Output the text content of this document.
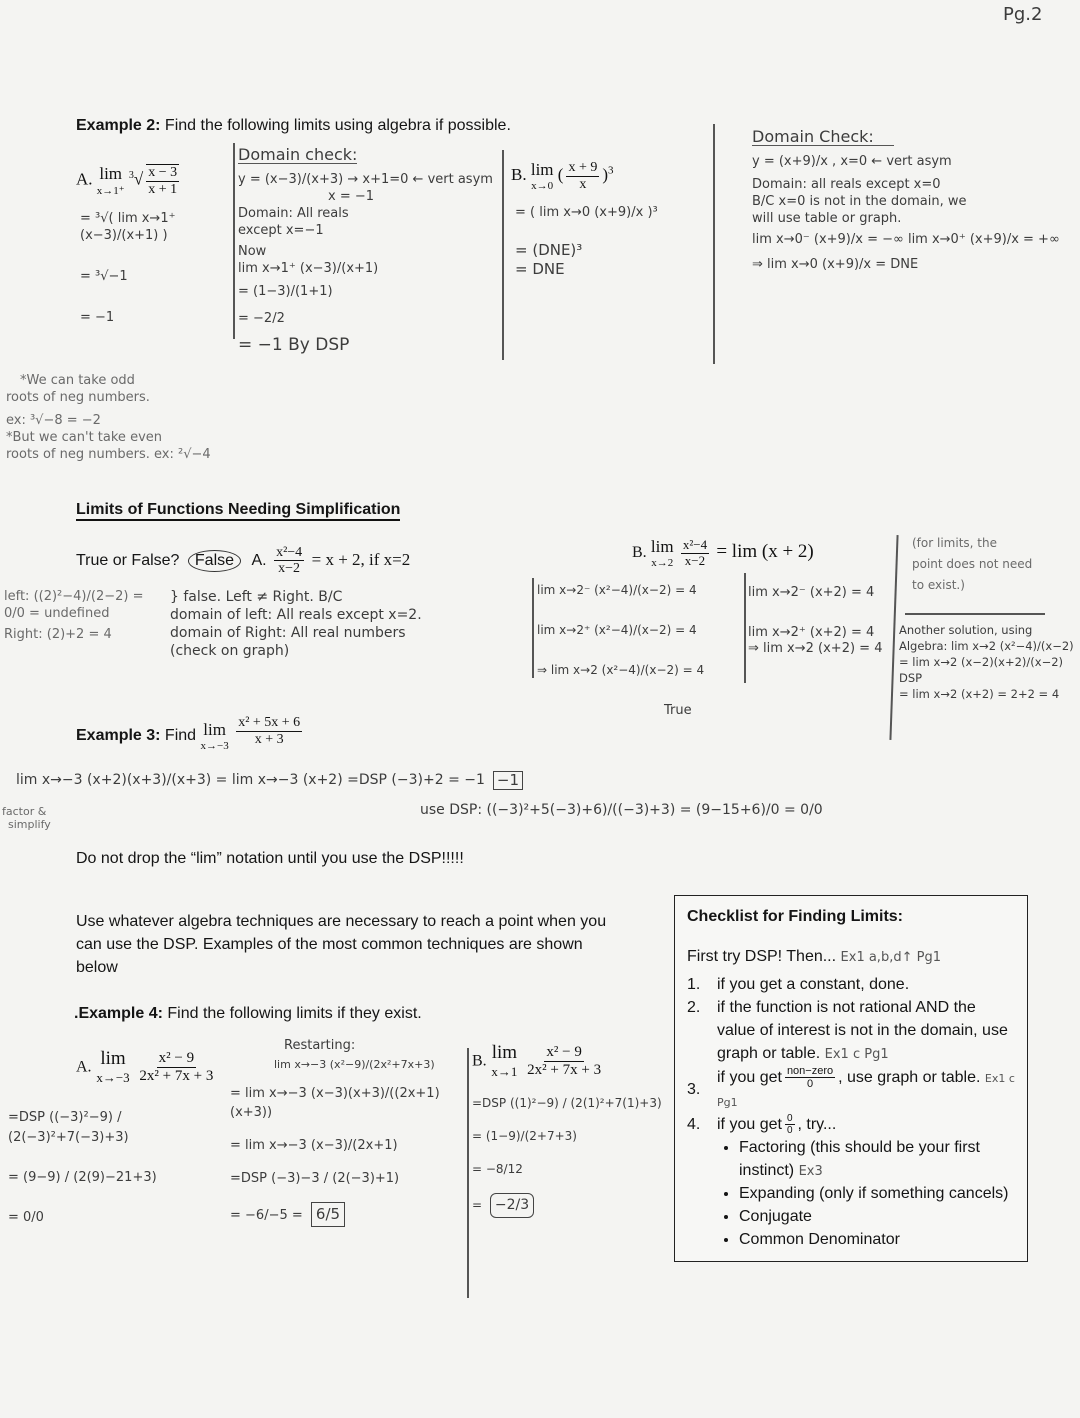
Pg.2
Example 2: Find the following limits using algebra if possible.
A. lim
x→1⁺
$^3√ \frac{x - 3}{x + 1}$
= ³√( lim x→1⁺ (x−3)/(x+1) )
= ³√−1
= −1
Domain check:
y = (x−3)/(x+3) → x+1=0 ← vert asym
x = −1
Domain: All reals
except x=−1
Now
lim x→1⁺ (x−3)/(x+1)
= (1−3)/(1+1)
= −2/2
= −1 By DSP
*We can take odd
roots of neg numbers.
ex: ³√−8 = −2
*But we can't take even
roots of neg numbers. ex: ²√−4
B. lim
x→0
( $\frac{x + 9}{x} )^3$
= ( lim x→0 (x+9)/x )³
= (DNE)³
= DNE
Domain Check:
y = (x+9)/x , x=0 ← vert asym
Domain: all reals except x=0
B/C x=0 is not in the domain, we
will use table or graph.
lim x→0⁻ (x+9)/x = −∞ lim x→0⁺ (x+9)/x = +∞
⇒ lim x→0 (x+9)/x = DNE
Limits of Functions Needing Simplification
True or False? False A. $\frac{\text{x²−4}}{x-2} = x + 2$, if x=2
left: ((2)²−4)/(2−2) = 0/0 = undefined
Right: (2)+2 = 4
} false. Left ≠ Right. B/C
domain of left: All reals except x=2.
domain of Right: All real numbers
(check on graph)
lim x→2⁻ (x²−4)/(x−2) = 4
lim x→2⁺ (x²−4)/(x−2) = 4
⇒ lim x→2 (x²−4)/(x−2) = 4
True
B. lim
x→2
$\frac{\text{x²−4}}{x-2} = \lim (x + 2)$
lim x→2⁻ (x+2) = 4
lim x→2⁺ (x+2) = 4
⇒ lim x→2 (x+2) = 4
(for limits, the
point does not need
to exist.)
Another solution, using
Algebra: lim x→2 (x²−4)/(x−2)
= lim x→2 (x−2)(x+2)/(x−2) DSP
= lim x→2 (x+2) = 2+2 = 4
Example 3: Find lim
x→−3
$\frac{\text{x² + 5x + 6}}{x + 3}$
lim x→−3 (x+2)(x+3)/(x+3) = lim x→−3 (x+2) =DSP (−3)+2 = −1 −1
factor &
simplify
use DSP: ((−3)²+5(−3)+6)/((−3)+3) = (9−15+6)/0 = 0/0
Do not drop the “lim” notation until you use the DSP!!!!!
Use whatever algebra techniques are necessary to reach a point when you
can use the DSP. Examples of the most common techniques are shown
below
.Example 4: Find the following limits if they exist.
A. lim
x→−3
$\frac{\text{x² − 9}}{\text{2x² + 7x + 3}}$
=DSP ((−3)²−9) / (2(−3)²+7(−3)+3)
= (9−9) / (2(9)−21+3)
= 0/0
Restarting:
lim x→−3 (x²−9)/(2x²+7x+3)
= lim x→−3 (x−3)(x+3)/((2x+1)(x+3))
= lim x→−3 (x−3)/(2x+1)
=DSP (−3)−3 / (2(−3)+1)
= −6/−5 = 6/5
B. lim
x→1
$\frac{\text{x² − 9}}{\text{2x² + 7x + 3}}$
=DSP ((1)²−9) / (2(1)²+7(1)+3)
= (1−9)/(2+7+3)
= −8/12
= −2/3
Checklist for Finding Limits:
First try DSP! Then... Ex1 a,b,d↑ Pg1
1.	if you get a constant, done.
2.	if the function is not rational AND the value of interest is not in the domain, use graph or table. Ex1 c Pg1
3.
if you get $\frac{\text{non−zero}}{0}$ , use graph or table. Ex1 c Pg1
4.	if you get $\frac{0}{0}$ , try...
• Factoring (this should be your first instinct) Ex3
• Expanding (only if something cancels)
• Conjugate
• Common Denominator
